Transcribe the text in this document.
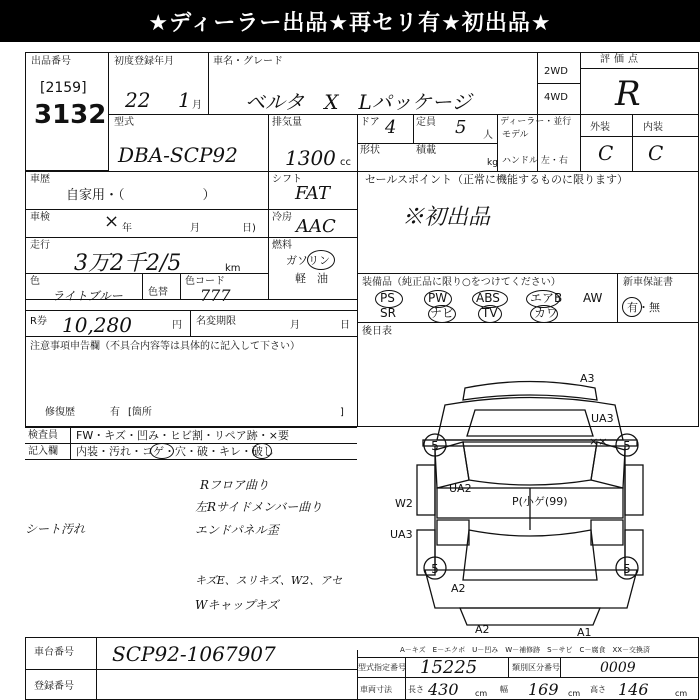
★ディーラー出品★再セリ有★初出品★
出品番号
[2159]
3132
初度登録年月
22 1 月
車名・グレード
ベルタ　X　Lパッケージ
2WD
4WD
評価点
R
型式
DBA-SCP92
排気量
1300 cc
ドア 4 定員 5 人
形状	積載
kg
ディーラー・並行
モデル
ハンドル 左・右
外装	内装
C C
車歴
自家用・（　　　　　　）
シフト
FAT
車検	× 年	月	日)
冷房 AAC
走行
3万2千2/5	km
燃料
ガソリン
軽　油
色
ライトブルー	色替
色コード
777
セールスポイント（正常に機能するものに限ります）
※初出品
R券 10,280	円 名変期限	月	日
装備品（純正品に限り○をつけてください）	新車保証書
有・無
PS	PW ABS	エアB AW
SR	ナビ TV	カワ
後日表
注意事項申告欄（不具合内容等は具体的に記入して下さい）
修復歴	有 [箇所	]
検査員
記入欄
FW・キズ・凹み・ヒビ割・リペア跡・×要
内装・汚れ・コゲ・穴・破・キレ・破し
Rフロア曲り
左Rサイドメンバー曲り
エンドパネル歪
シート汚れ
キズE、スリキズ、W2、アセ
Wキャップキズ
A3
UA3
××
W2
UA2
P(小ゲ(99)
UA3
A2
A2	A1
5	5
5	5
車台番号 SCP92-1067907
登録番号
A－キズ　E－エクボ　U－凹み　W－補修跡　S－サビ　C－腐食　XX－交換済
型式指定番号 15225	類別区分番号	0009
車両寸法 長さ 430 cm 幅 169 cm 高さ 146	cm
